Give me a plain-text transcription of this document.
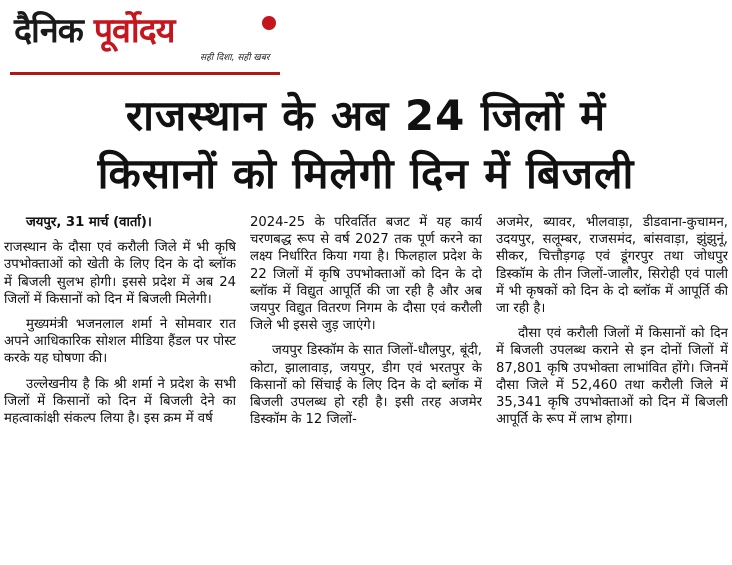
दैनिक पूर्वोदय
सही दिशा, सही खबर
राजस्थान के अब 24 जिलों में
किसानों को मिलेगी दिन में बिजली

जयपुर, 31 मार्च (वार्ता)।

राजस्थान के दौसा एवं करौली जिले में भी कृषि उपभोक्ताओं को खेती के लिए दिन के दो ब्लॉक में बिजली सुलभ होगी। इससे प्रदेश में अब 24 जिलों में किसानों को दिन में बिजली मिलेगी।

मुख्यमंत्री भजनलाल शर्मा ने सोमवार रात अपने आधिकारिक सोशल मीडिया हैंडल पर पोस्ट करके यह घोषणा की।

उल्लेखनीय है कि श्री शर्मा ने प्रदेश के सभी जिलों में किसानों को दिन में बिजली देने का महत्वाकांक्षी संकल्प लिया है। इस क्रम में वर्ष

2024-25 के परिवर्तित बजट में यह कार्य चरणबद्ध रूप से वर्ष 2027 तक पूर्ण करने का लक्ष्य निर्धारित किया गया है। फिलहाल प्रदेश के 22 जिलों में कृषि उपभोक्ताओं को दिन के दो ब्लॉक में विद्युत आपूर्ति की जा रही है और अब जयपुर विद्युत वितरण निगम के दौसा एवं करौली जिले भी इससे जुड़ जाएंगे।

जयपुर डिस्कॉम के सात जिलों-धौलपुर, बूंदी, कोटा, झालावाड़, जयपुर, डीग एवं भरतपुर के किसानों को सिंचाई के लिए दिन के दो ब्लॉक में बिजली उपलब्ध हो रही है। इसी तरह अजमेर डिस्कॉम के 12 जिलों-

अजमेर, ब्यावर, भीलवाड़ा, डीडवाना-कुचामन, उदयपुर, सलूम्बर, राजसमंद, बांसवाड़ा, झुंझुनूं, सीकर, चित्तौड़गढ़ एवं डूंगरपुर तथा जोधपुर डिस्कॉम के तीन जिलों-जालौर, सिरोही एवं पाली में भी कृषकों को दिन के दो ब्लॉक में आपूर्ति की जा रही है।

दौसा एवं करौली जिलों में किसानों को दिन में बिजली उपलब्ध कराने से इन दोनों जिलों में 87,801 कृषि उपभोक्ता लाभांवित होंगे। जिनमें दौसा जिले में 52,460 तथा करौली जिले में 35,341 कृषि उपभोक्ताओं को दिन में बिजली आपूर्ति के रूप में लाभ होगा।
